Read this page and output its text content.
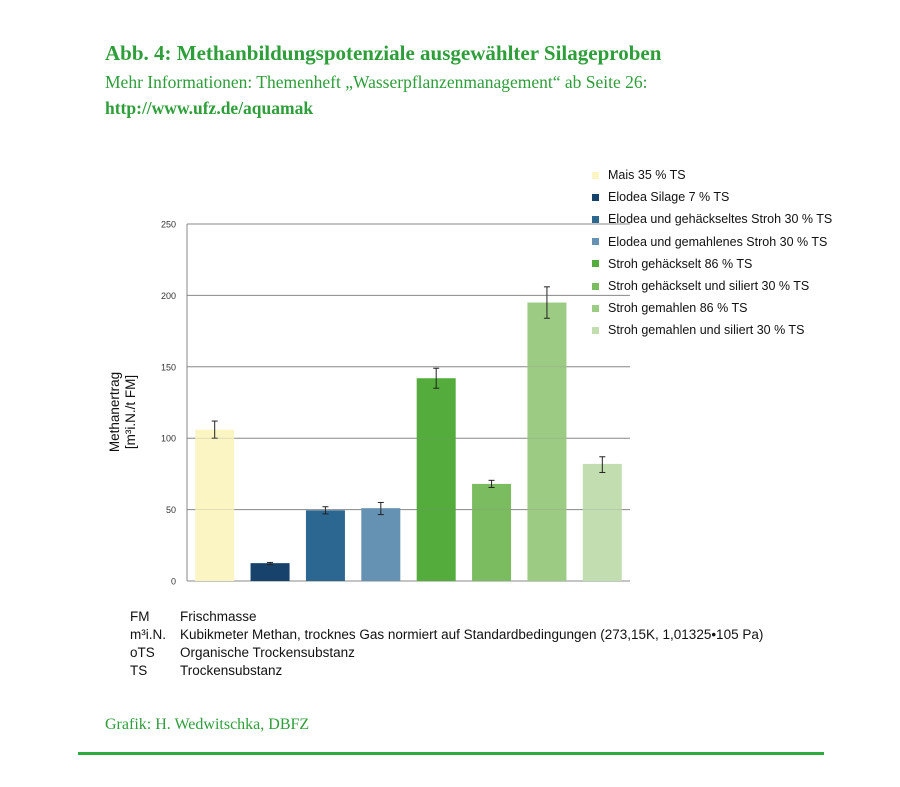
Abb. 4: Methanbildungspotenziale ausgewählter Silageproben

Mehr Informationen: Themenheft „Wasserpflanzenmanagement“ ab Seite 26:

http://www.ufz.de/aquamak

0
50
100
150
200
250
Methanertrag [m³i.N./t FM]
Mais 35 % TS
Elodea Silage 7 % TS
Elodea und gehäckseltes Stroh 30 % TS
Elodea und gemahlenes Stroh 30 % TS
Stroh gehäckselt 86 % TS
Stroh gehäckselt und siliert 30 % TS
Stroh gemahlen 86 % TS
Stroh gemahlen und siliert 30 % TS
FM	Frischmasse
m³i.N.	Kubikmeter Methan, trocknes Gas normiert auf Standardbedingungen (273,15K, 1,01325•105 Pa)
oTS	Organische Trockensubstanz
TS	Trockensubstanz
Grafik: H. Wedwitschka, DBFZ
